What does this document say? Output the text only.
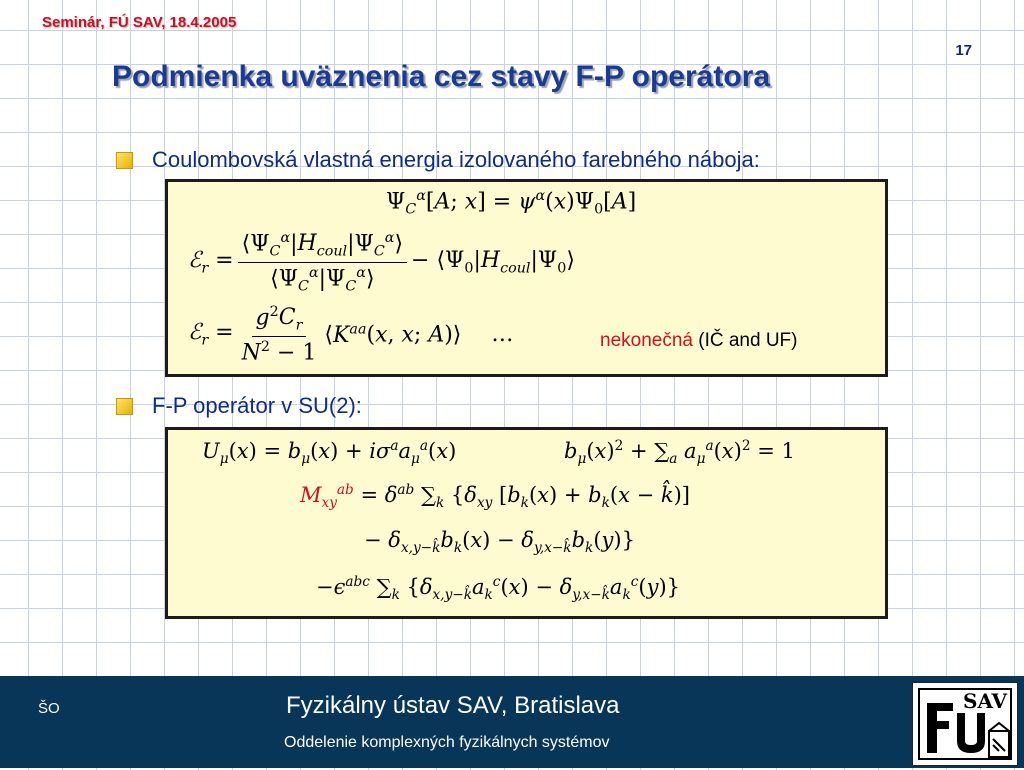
Seminár, FÚ SAV, 18.4.2005
17
Podmienka uväznenia cez stavy F-P operátora
Coulombovská vlastná energia izolovaného farebného náboja:
$\Psi_C^\alpha[A$; $x] = \psi^\alpha(x)\Psi_0[A]$
ℰ$_r$ = $\frac{⟨\Psi_C^\alpha|H_{coul}|\Psi_C^\alpha⟩}{⟨\Psi_C^\alpha|\Psi_C^\alpha⟩}$ − $⟨\Psi_0|H_{coul}|\Psi_0⟩$
ℰ$_r$ = $\frac{g^2C_r}{N^2 - 1}$ $⟨K^{aa}(x$, x; A)⟩ …	nekonečná (IČ and UF)
F-P operátor v SU(2):
$U_\mu(x) = b_\mu(x) + i\sigma^aa_\mu^a(x)$	$b_\mu(x)^2 + \sum_a$ $a_\mu^a(x)^2 = 1$
$M_{xy}^{ab} = \delta^{ab}$ $\sum_k$ {$\delta_{xy}$ [$b_k(x) + b_k(x$ − k̂)]
− $\delta_{x,y-k̂}b_k(x) - \delta_{y,x-k̂}b_k(y)$}
$-\epsilon^{abc}$ $\sum_k$ $\{\delta_{x,y-k̂}a_k^c(x) - \delta_{y,x-k̂}a_k^c(y)\}$
ŠO	Fyzikálny ústav SAV, Bratislava
Oddelenie komplexných fyzikálnych systémov
SAV
